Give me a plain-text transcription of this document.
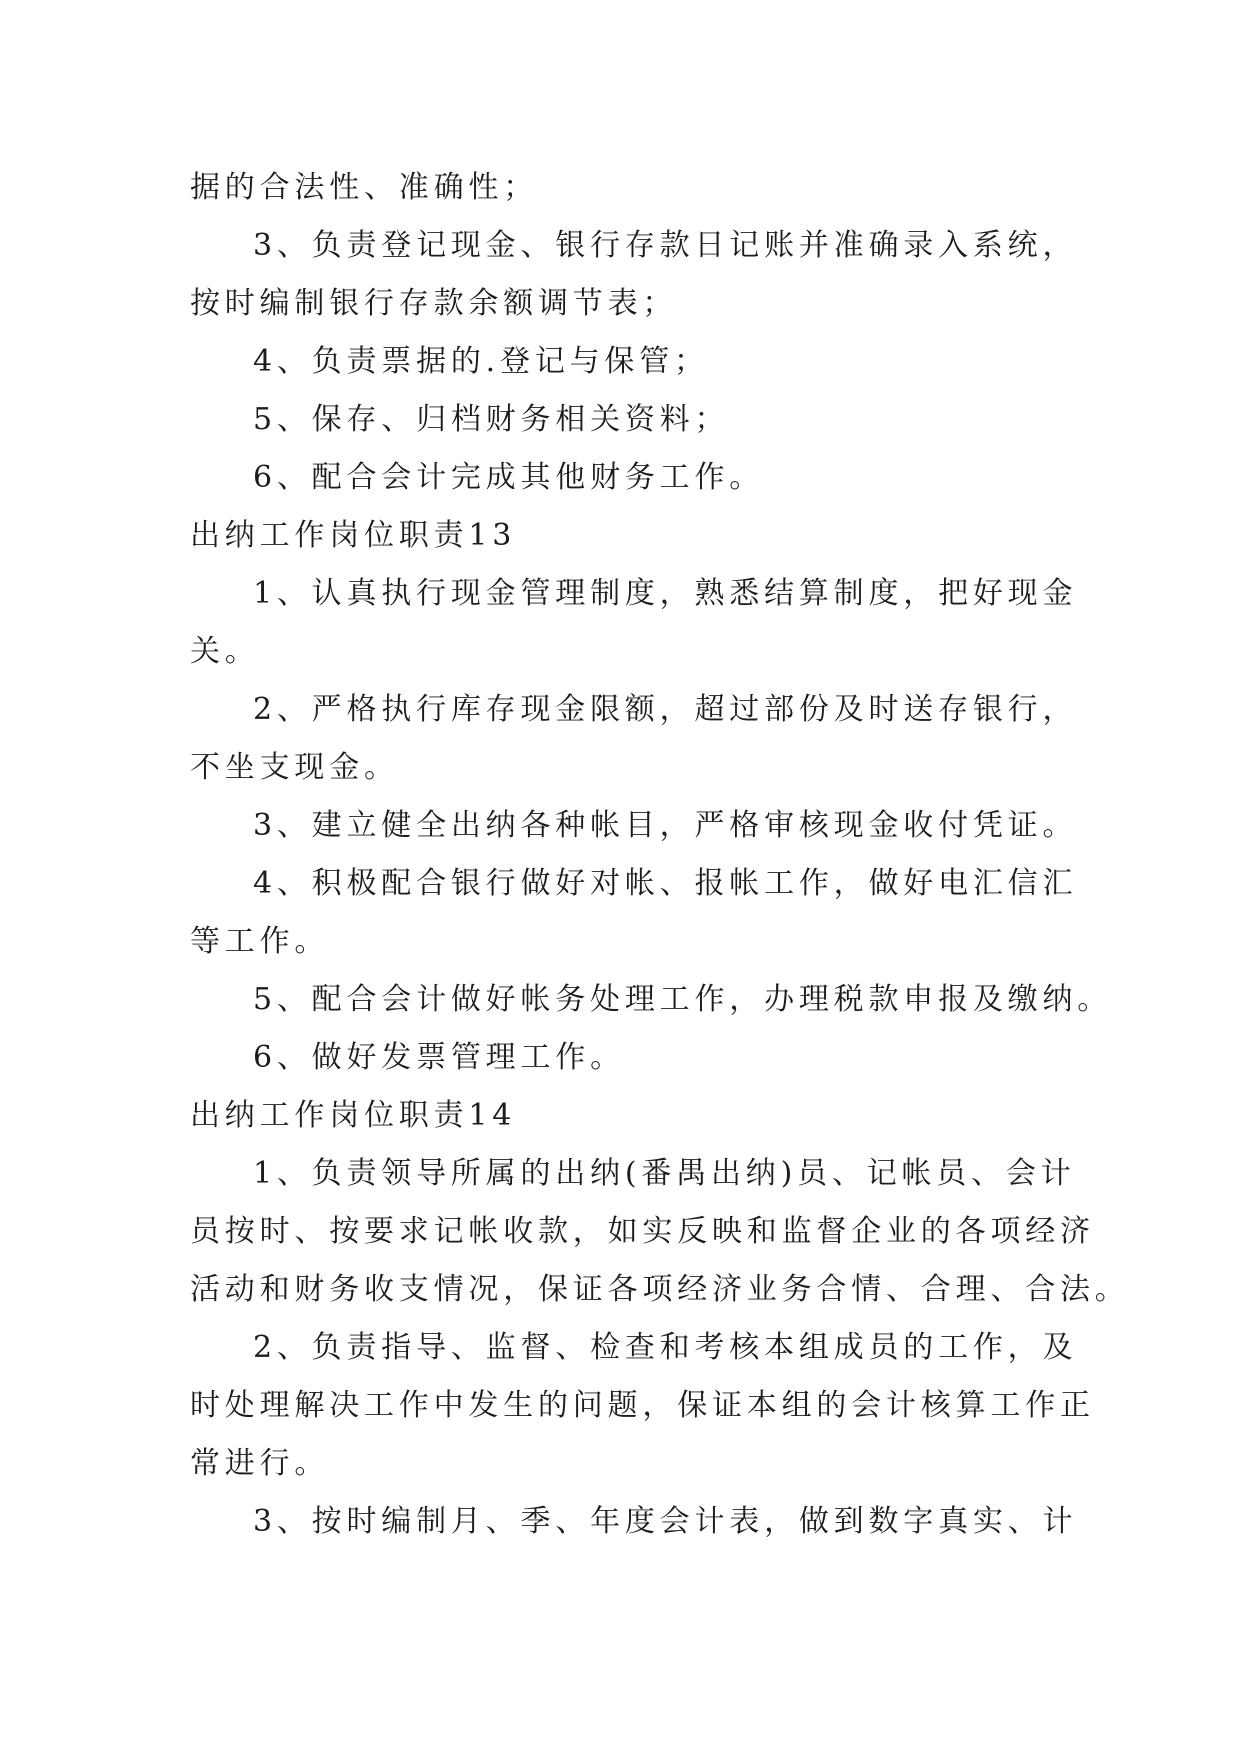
据的合法性、准确性；

3、负责登记现金、银行存款日记账并准确录入系统，

按时编制银行存款余额调节表；

4、负责票据的.登记与保管；

5、保存、归档财务相关资料；

6、配合会计完成其他财务工作。

出纳工作岗位职责13

1、认真执行现金管理制度，熟悉结算制度，把好现金

关。

2、严格执行库存现金限额，超过部份及时送存银行，

不坐支现金。

3、建立健全出纳各种帐目，严格审核现金收付凭证。

4、积极配合银行做好对帐、报帐工作，做好电汇信汇

等工作。

5、配合会计做好帐务处理工作，办理税款申报及缴纳。

6、做好发票管理工作。

出纳工作岗位职责14

1、负责领导所属的出纳(番禺出纳)员、记帐员、会计

员按时、按要求记帐收款，如实反映和监督企业的各项经济

活动和财务收支情况，保证各项经济业务合情、合理、合法。

2、负责指导、监督、检查和考核本组成员的工作，及

时处理解决工作中发生的问题，保证本组的会计核算工作正

常进行。

3、按时编制月、季、年度会计表，做到数字真实、计
